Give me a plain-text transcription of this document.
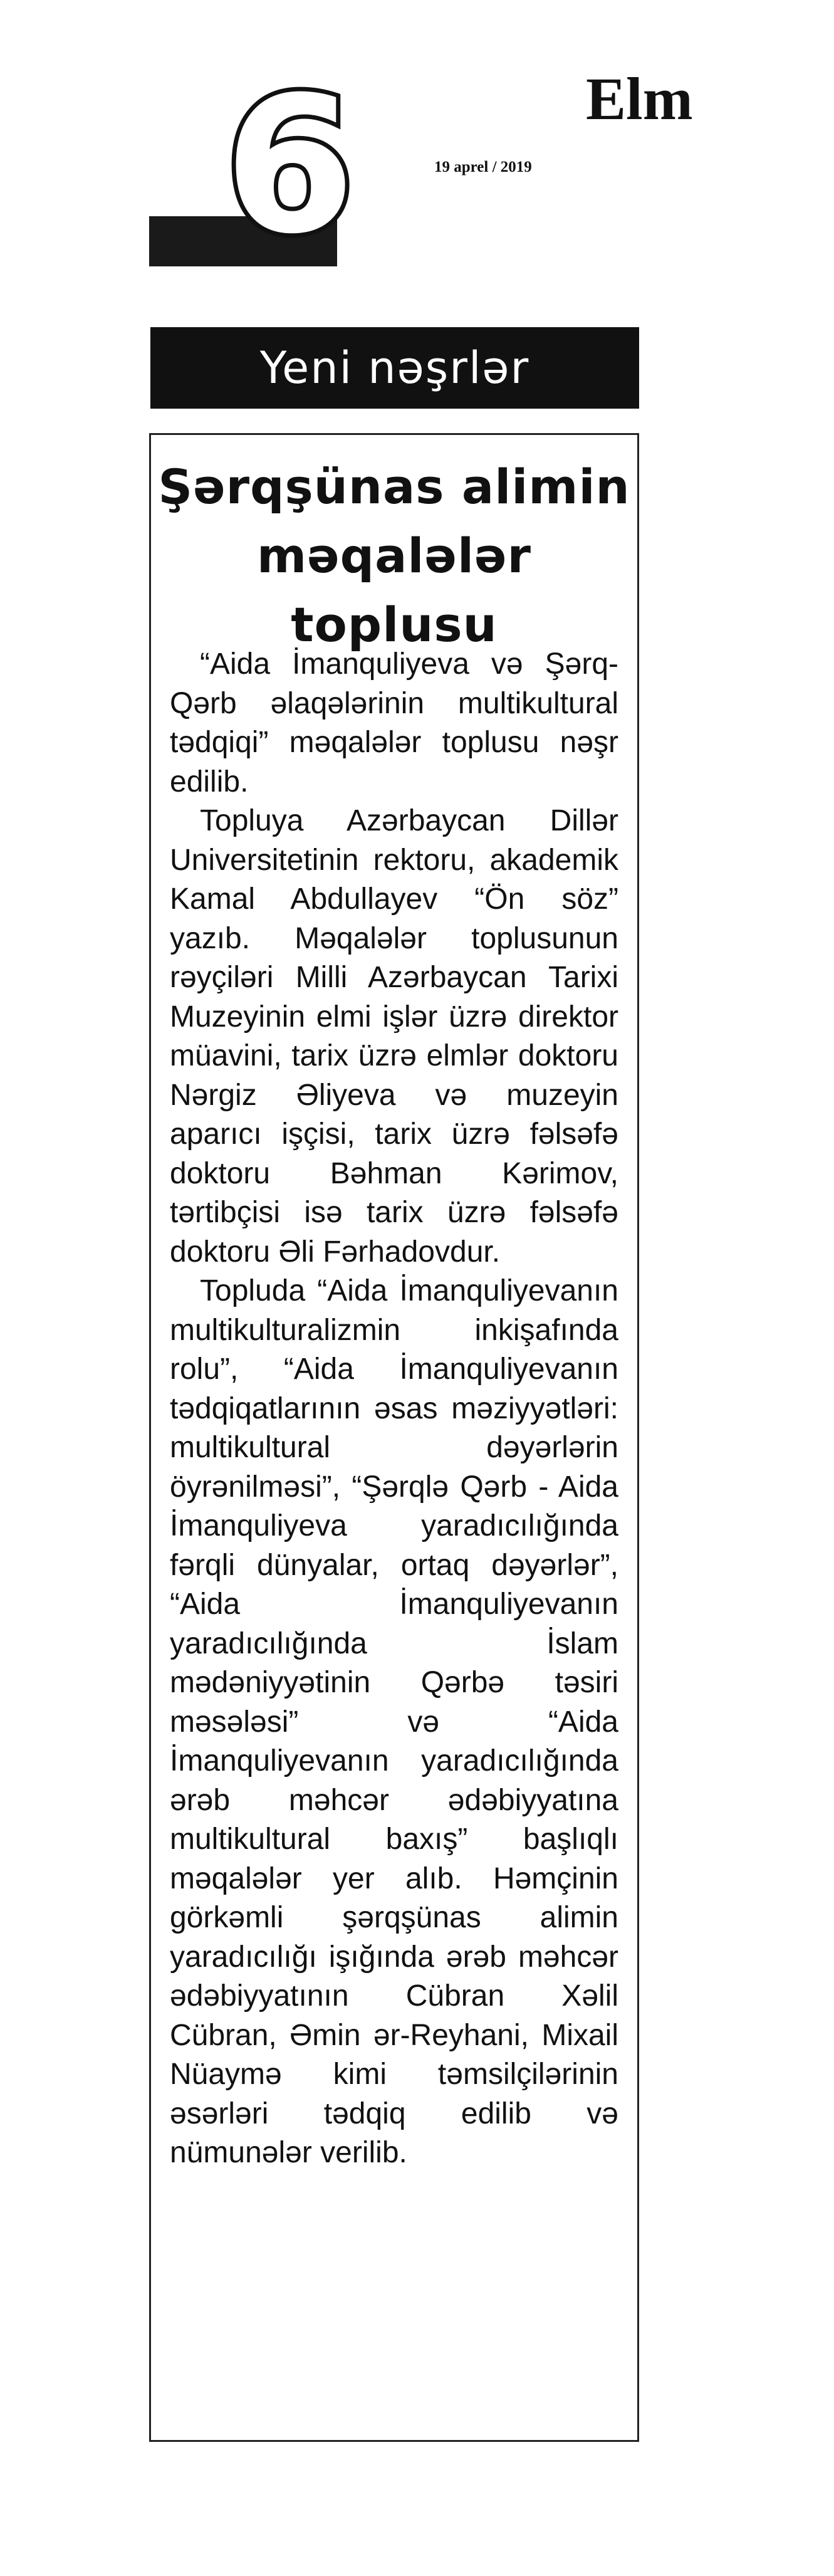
6	19 aprel / 2019
Elm
Yeni nəşrlər
Şərqşünas alimin məqalələr toplusu

“Aida İmanquliyeva və Şərq-Qərb əlaqələrinin multikultural tədqiqi” məqalələr toplusu nəşr edilib.

Topluya Azərbaycan Dillər Universitetinin rektoru, akademik Kamal Abdullayev “Ön söz” yazıb. Məqalələr toplusunun rəyçiləri Milli Azərbaycan Tarixi Muzeyinin elmi işlər üzrə direktor müavini, tarix üzrə elmlər doktoru Nərgiz Əliyeva və muzeyin aparıcı işçisi, tarix üzrə fəlsəfə doktoru Bəhman Kərimov, tərtibçisi isə tarix üzrə fəlsəfə doktoru Əli Fərhadovdur.

Topluda “Aida İmanquliyevanın multikulturalizmin inkişafında rolu”, “Aida İmanquliyevanın tədqiqatlarının əsas məziyyətləri: multikultural dəyərlərin öyrənilməsi”, “Şərqlə Qərb - Aida İmanquliyeva yaradıcılığında fərqli dünyalar, ortaq dəyərlər”, “Aida İmanquliyevanın yaradıcılığında İslam mədəniyyətinin Qərbə təsiri məsələsi” və “Aida İmanquliyevanın yaradıcılığında ərəb məhcər ədəbiyyatına multikultural baxış” başlıqlı məqalələr yer alıb. Həmçinin görkəmli şərqşünas alimin yaradıcılığı işığında ərəb məhcər ədəbiyyatının Cübran Xəlil Cübran, Əmin ər-Reyhani, Mixail Nüaymə kimi təmsilçilərinin əsərləri tədqiq edilib və nümunələr verilib.
